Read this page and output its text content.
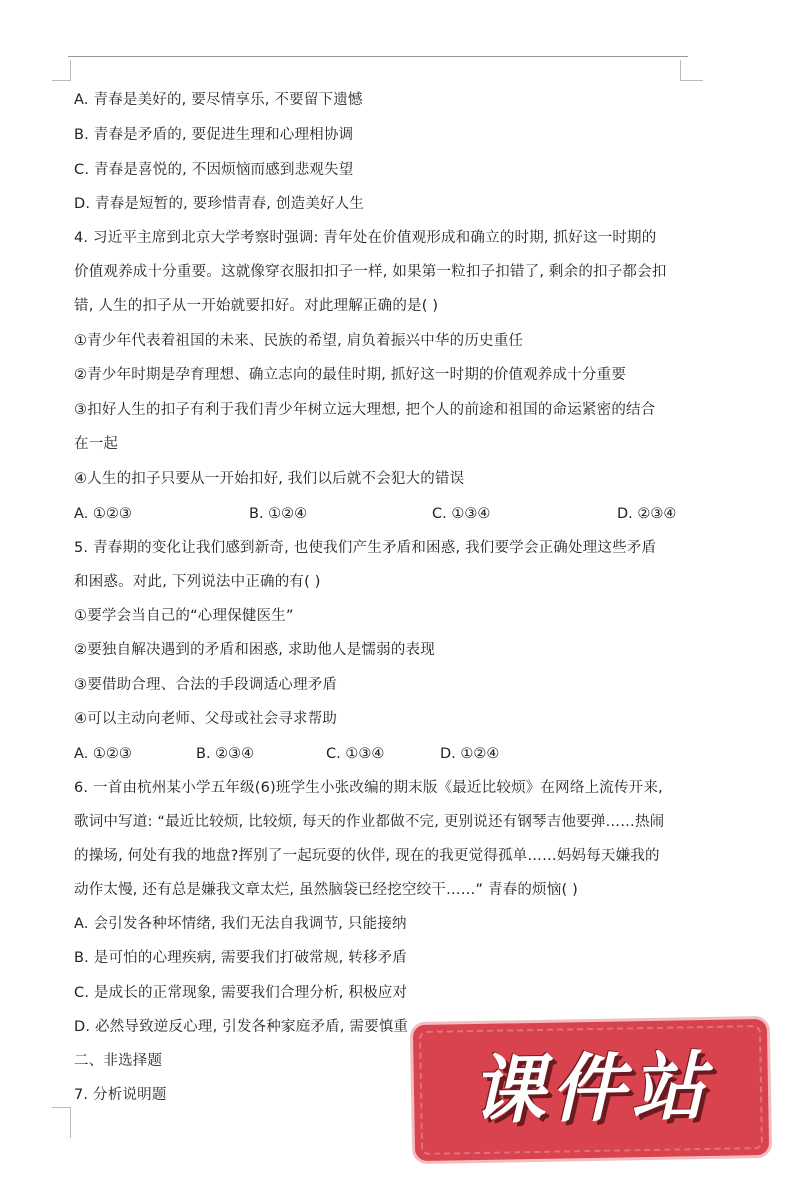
A. 青春是美好的, 要尽情享乐, 不要留下遗憾
B. 青春是矛盾的, 要促进生理和心理相协调
C. 青春是喜悦的, 不因烦恼而感到悲观失望
D. 青春是短暂的, 要珍惜青春, 创造美好人生
4. 习近平主席到北京大学考察时强调: 青年处在价值观形成和确立的时期, 抓好这一时期的
价值观养成十分重要。这就像穿衣服扣扣子一样, 如果第一粒扣子扣错了, 剩余的扣子都会扣
错, 人生的扣子从一开始就要扣好。对此理解正确的是( )
①青少年代表着祖国的未来、民族的希望, 肩负着振兴中华的历史重任
②青少年时期是孕育理想、确立志向的最佳时期, 抓好这一时期的价值观养成十分重要
③扣好人生的扣子有利于我们青少年树立远大理想, 把个人的前途和祖国的命运紧密的结合
在一起
④人生的扣子只要从一开始扣好, 我们以后就不会犯大的错误
A. ①②③	B. ①②④	C. ①③④	D. ②③④
5. 青春期的变化让我们感到新奇, 也使我们产生矛盾和困惑, 我们要学会正确处理这些矛盾
和困惑。对此, 下列说法中正确的有( )
①要学会当自己的“心理保健医生”
②要独自解决遇到的矛盾和困惑, 求助他人是懦弱的表现
③要借助合理、合法的手段调适心理矛盾
④可以主动向老师、父母或社会寻求帮助
A. ①②③	B. ②③④	C. ①③④	D. ①②④
6. 一首由杭州某小学五年级(6)班学生小张改编的期末版《最近比较烦》在网络上流传开来,
歌词中写道: “最近比较烦, 比较烦, 每天的作业都做不完, 更别说还有钢琴吉他要弹……热闹
的操场, 何处有我的地盘?挥别了一起玩耍的伙伴, 现在的我更觉得孤单……妈妈每天嫌我的
动作太慢, 还有总是嫌我文章太烂, 虽然脑袋已经挖空绞干……” 青春的烦恼( )
A. 会引发各种坏情绪, 我们无法自我调节, 只能接纳
B. 是可怕的心理疾病, 需要我们打破常规, 转移矛盾
C. 是成长的正常现象, 需要我们合理分析, 积极应对
D. 必然导致逆反心理, 引发各种家庭矛盾, 需要慎重
二、非选择题
7. 分析说明题	课件站
